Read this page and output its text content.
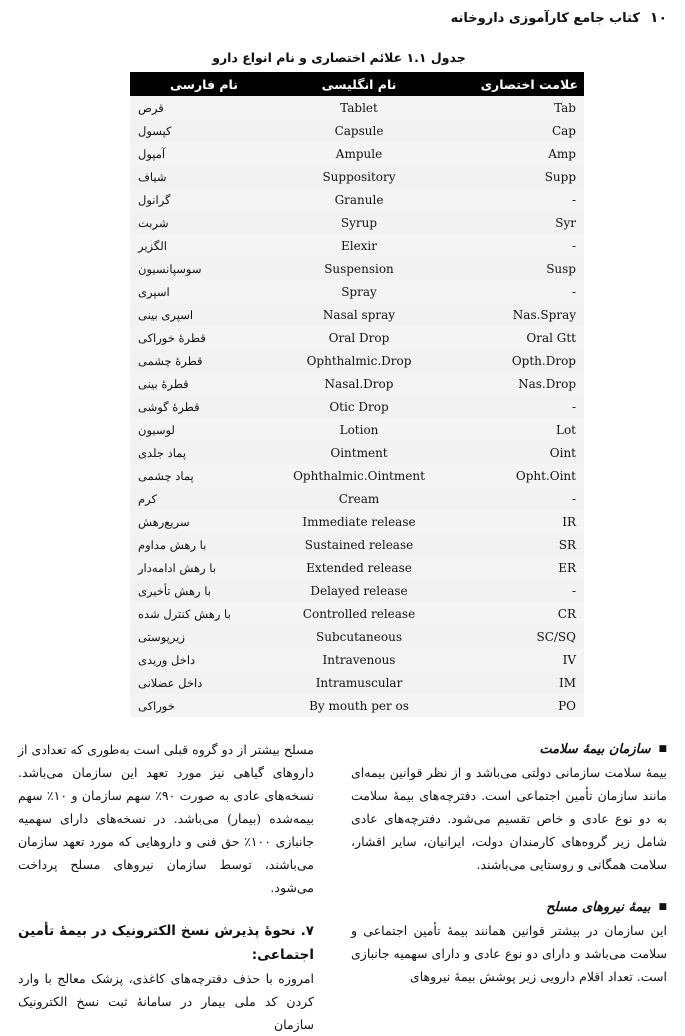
۱۰
کتاب جامع کارآموزی داروخانه
جدول ۱.۱ علائم اختصاری و نام انواع دارو
نام فارسی	نام انگلیسی	علامت اختصاری
قرص	Tablet	Tab
کپسول	Capsule	Cap
آمپول	Ampule	Amp
شیاف	Suppository	Supp
گرانول	Granule	-
شربت	Syrup	Syr
الگزیر	Elexir	-
سوسپانسیون	Suspension	Susp
اسپری	Spray	-
اسپری بینی	Nasal spray	Nas.Spray
قطرهٔ خوراکی	Oral Drop	Oral Gtt
قطرهٔ چشمی	Ophthalmic.Drop	Opth.Drop
قطرهٔ بینی	Nasal.Drop	Nas.Drop
قطرهٔ گوشی	Otic Drop	-
لوسیون	Lotion	Lot
پماد جلدی	Ointment	Oint
پماد چشمی	Ophthalmic.Ointment	Opht.Oint
کرم	Cream	-
سریع‌رهش	Immediate release	IR
با رهش مداوم	Sustained release	SR
با رهش ادامه‌دار	Extended release	ER
با رهش تأخیری	Delayed release	-
با رهش کنترل شده	Controlled release	CR
زیرپوستی	Subcutaneous	SC/SQ
داخل وریدی	Intravenous	IV
داخل عضلانی	Intramuscular	IM
خوراکی	By mouth per os	PO
■
سازمان بیمهٔ سلامت

بیمهٔ سلامت سازمانی دولتی می‌باشد و از نظر قوانین بیمه‌ای مانند سازمان تأمین اجتماعی است. دفترچه‌های بیمهٔ سلامت به دو نوع عادی و خاص تقسیم می‌شود. دفترچه‌های عادی شامل زیر گروه‌های کارمندان دولت، ایرانیان، سایر اقشار، سلامت همگانی و روستایی می‌باشند.

■
بیمهٔ نیروهای مسلح

این سازمان در بیشتر قوانین همانند بیمهٔ تأمین اجتماعی و سلامت می‌باشد و دارای دو نوع عادی و دارای سهمیه جانبازی است. تعداد اقلام دارویی زیر پوشش بیمهٔ نیروهای

مسلح بیشتر از دو گروه قبلی است به‌طوری که تعدادی از داروهای گیاهی نیز مورد تعهد این سازمان می‌باشد. نسخه‌های عادی به صورت ۹۰٪ سهم سازمان و ۱۰٪ سهم بیمه‌شده (بیمار) می‌باشد. در نسخه‌های دارای سهمیه جانبازی ۱۰۰٪ حق فنی و داروهایی که مورد تعهد سازمان می‌باشند، توسط سازمان نیروهای مسلح پرداخت می‌شود.

۷. نحوهٔ پذیرش نسخ الکترونیک در بیمهٔ تأمین اجتماعی:

امروزه با حذف دفترچه‌های کاغذی، پزشک معالج با وارد کردن کد ملی بیمار در سامانهٔ ثبت نسخ الکترونیک سازمان
